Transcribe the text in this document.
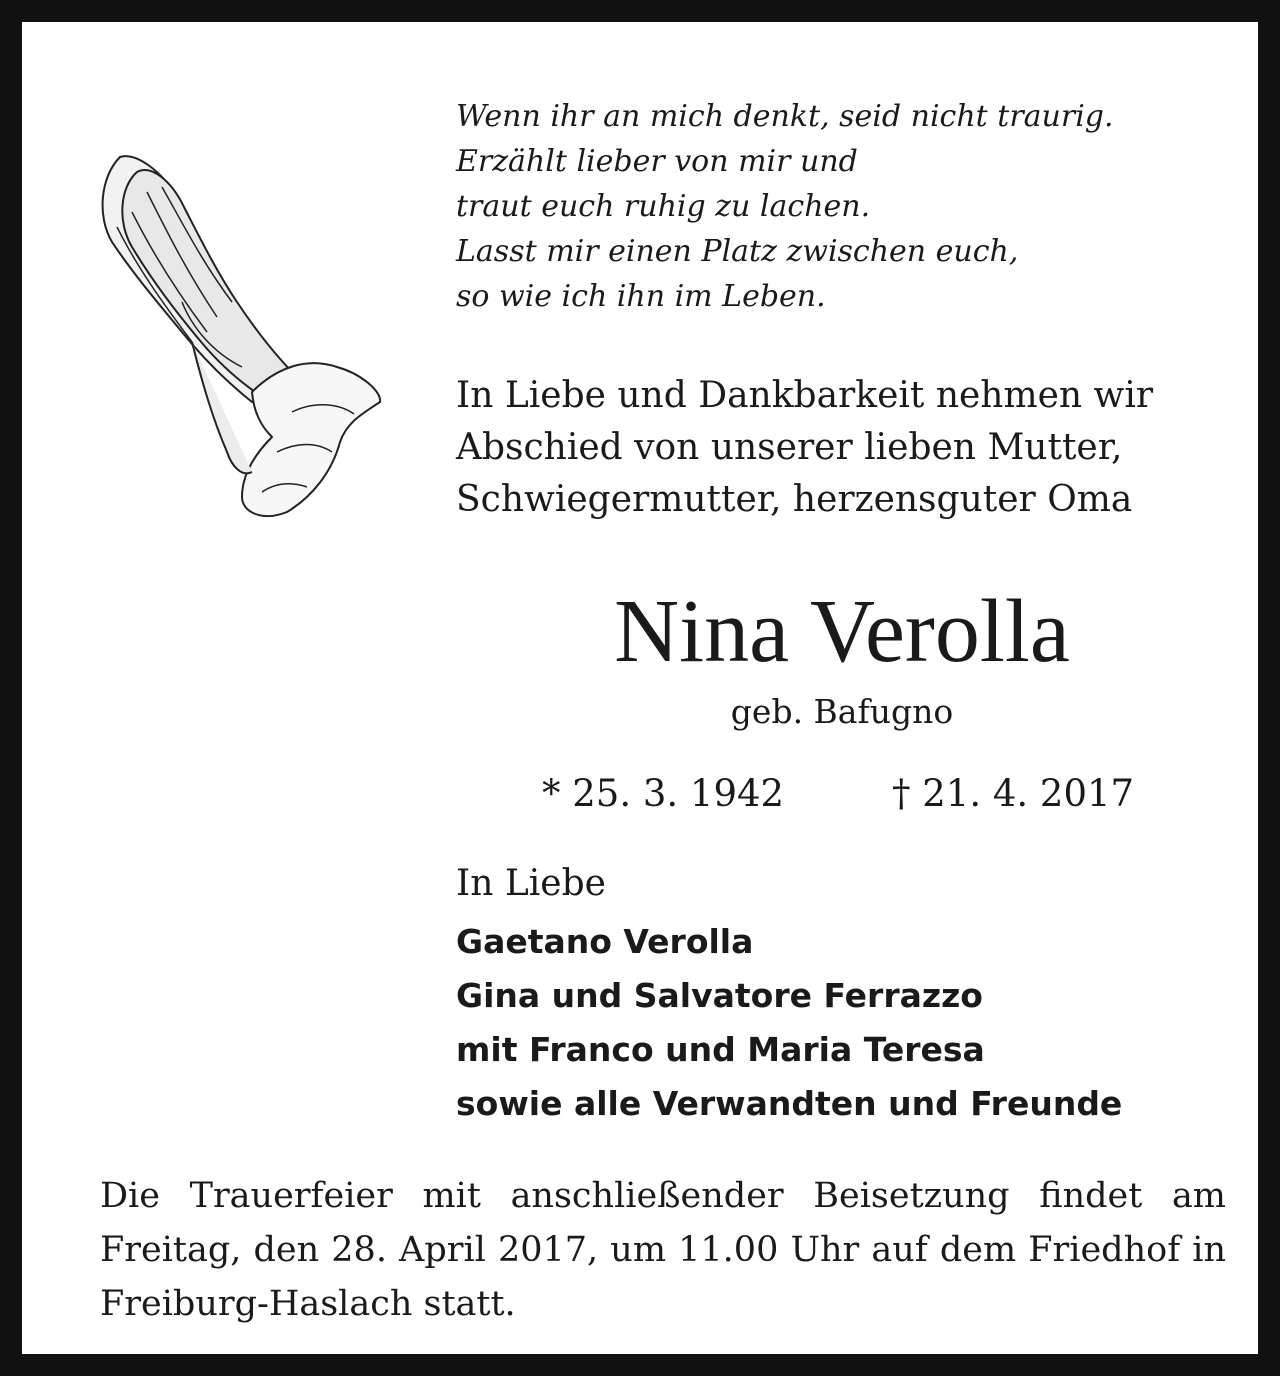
Wenn ihr an mich denkt, seid nicht traurig.
Erzählt lieber von mir und
traut euch ruhig zu lachen.
Lasst mir einen Platz zwischen euch,
so wie ich ihn im Leben.
In Liebe und Dankbarkeit nehmen wir
Abschied von unserer lieben Mutter,
Schwiegermutter, herzensguter Oma
Nina Verolla
geb. Bafugno
* 25. 3. 1942	† 21. 4. 2017
In Liebe
Gaetano Verolla
Gina und Salvatore Ferrazzo
mit Franco und Maria Teresa
sowie alle Verwandten und Freunde
Die Trauerfeier mit anschließender Beisetzung findet am Freitag, den 28. April 2017, um 11.00 Uhr auf dem Friedhof in Freiburg-Haslach statt.
